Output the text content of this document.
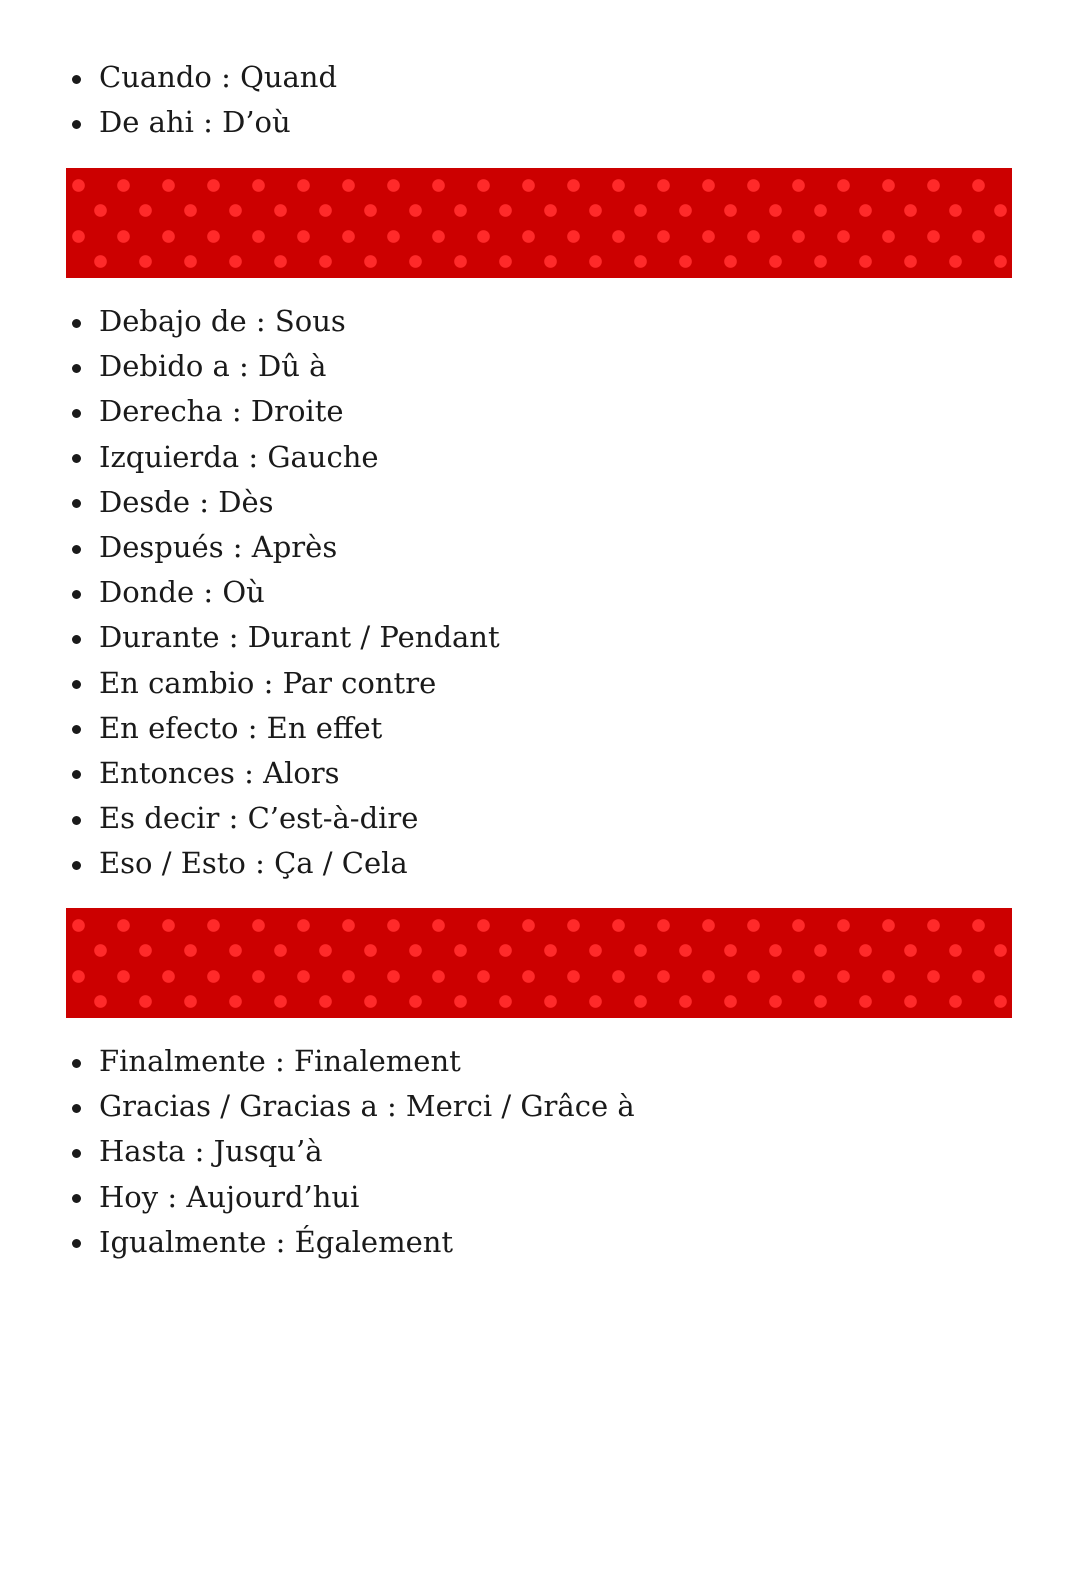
Cuando : Quand
De ahi : D’où
Debajo de : Sous
Debido a : Dû à
Derecha : Droite
Izquierda : Gauche
Desde : Dès
Después : Après
Donde : Où
Durante : Durant / Pendant
En cambio : Par contre
En efecto : En effet
Entonces : Alors
Es decir : C’est-à-dire
Eso / Esto : Ça / Cela
Finalmente : Finalement
Gracias / Gracias a : Merci / Grâce à
Hasta : Jusqu’à
Hoy : Aujourd’hui
Igualmente : Également
